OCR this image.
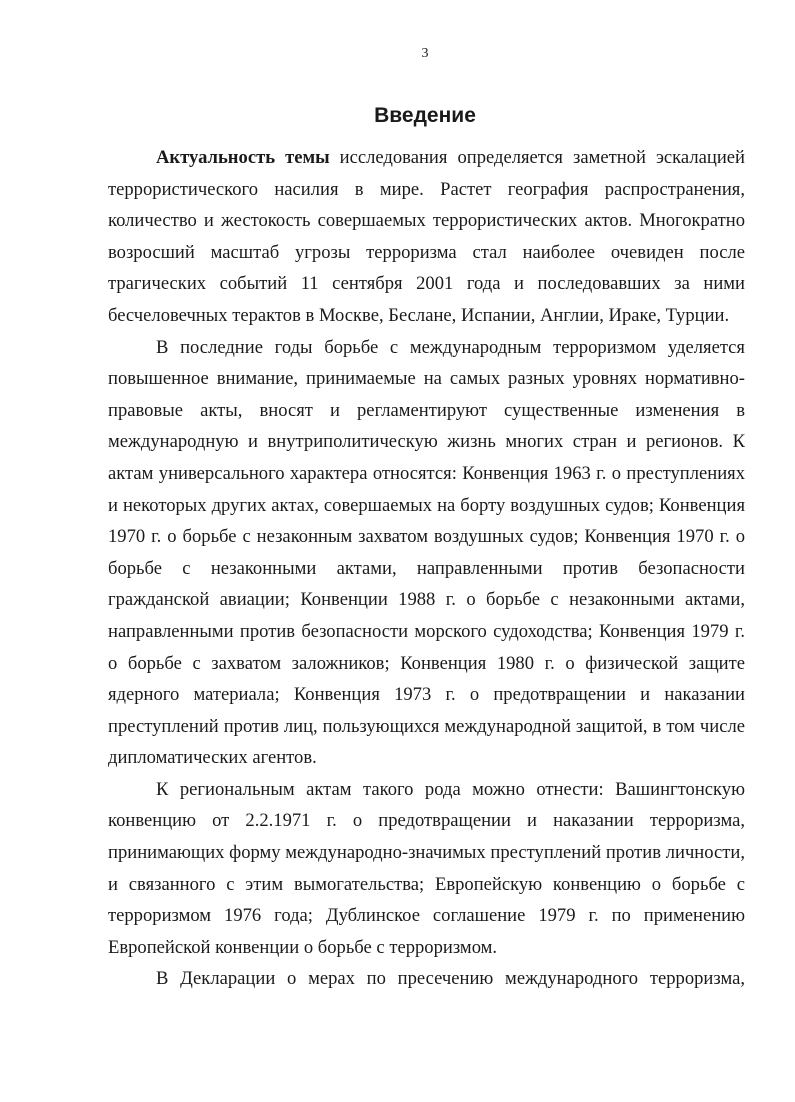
3

Введение

Актуальность темы исследования определяется заметной эскалацией террористического насилия в мире. Растет география распространения, количество и жестокость совершаемых террористических актов. Многократно возросший масштаб угрозы терроризма стал наиболее очевиден после трагических событий 11 сентября 2001 года и последовавших за ними бесчеловечных терактов в Москве, Беслане, Испании, Англии, Ираке, Турции.

В последние годы борьбе с международным терроризмом уделяется повышенное внимание, принимаемые на самых разных уровнях нормативно-правовые акты, вносят и регламентируют существенные изменения в международную и внутриполитическую жизнь многих стран и регионов. К актам универсального характера относятся: Конвенция 1963 г. о преступлениях и некоторых других актах, совершаемых на борту воздушных судов; Конвенция 1970 г. о борьбе с незаконным захватом воздушных судов; Конвенция 1970 г. о борьбе с незаконными актами, направленными против безопасности гражданской авиации; Конвенции 1988 г. о борьбе с незаконными актами, направленными против безопасности морского судоходства; Конвенция 1979 г. о борьбе с захватом заложников; Конвенция 1980 г. о физической защите ядерного материала; Конвенция 1973 г. о предотвращении и наказании преступлений против лиц, пользующихся международной защитой, в том числе дипломатических агентов.

К региональным актам такого рода можно отнести: Вашингтонскую конвенцию от 2.2.1971 г. о предотвращении и наказании терроризма, принимающих форму международно-значимых преступлений против личности, и связанного с этим вымогательства; Европейскую конвенцию о борьбе с терроризмом 1976 года; Дублинское соглашение 1979 г. по применению Европейской конвенции о борьбе с терроризмом.

В Декларации о мерах по пресечению международного терроризма,
